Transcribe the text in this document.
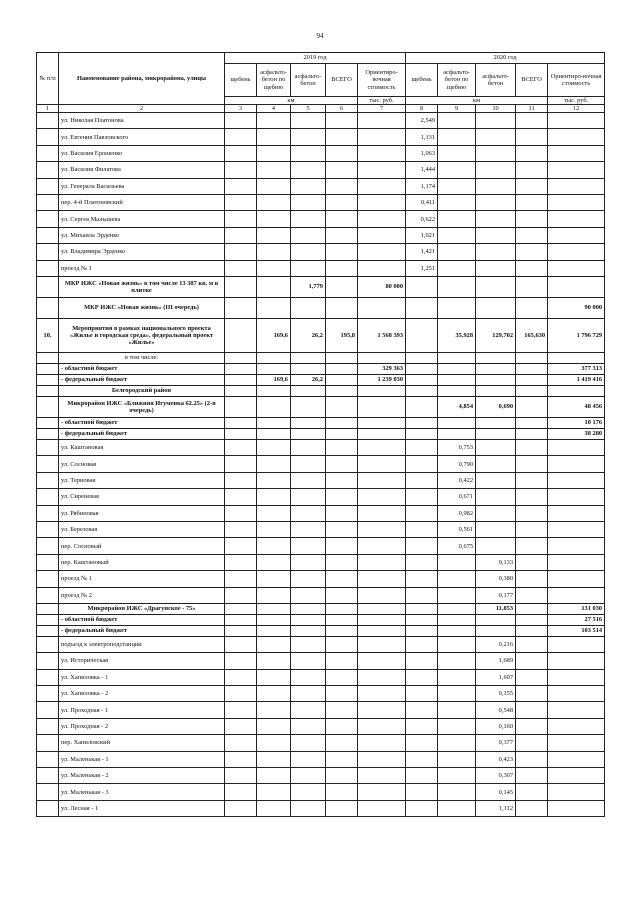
94
№ п/п	Наименование района, микрорайона, улицы	2019 год					2020 год				
		щебень	асфальто-бетон по щебню	асфальто-бетон	ВСЕГО	Ориентиро-вочная стоимость	щебень	асфальто-бетон по щебню	асфальто-бетон	ВСЕГО	Ориентиро-вочная стоимость
		км				тыс. руб.	км				тыс. руб.
1	2	3	4	5	6	7	8	9	10	11	12
	ул. Николая Платонова						2,549				
	ул. Евгения Павловского						1,131				
	ул. Василия Ерошенко						1,063				
	ул. Василия Филатова						1,444				
	ул. Генерала Васильева						1,174				
	пер. 4-й Платоновский						0,411				
	ул. Сергея Малышева						0,622				
	ул. Михаила Эрденко						1,021				
	ул. Владимира Эрденко						1,421				
	проезд № 1						1,251				
	МКР ИЖС «Новая жизнь» в том числе 13 387 кв. м в плитке			1,779		80 000					
	МКР ИЖС «Новая жизнь» (III очередь)										90 000
10.	Мероприятия в рамках национального проекта «Жилье и городская среда», федеральный проект «Жилье»		169,6	26,2	195,8	1 568 393		35,928	129,702	165,630	1 796 729
	в том числе:										
	- областной бюджет					329 363					377 313
	- федеральный бюджет		169,6	26,2		1 239 030					1 419 416
	Белгородский район										
	Микрорайон ИЖС «Ближняя Игуменка 62.25» (2-я очередь)							4,854	0,690		48 456
	- областной бюджет										10 176
	- федеральный бюджет										38 280
	ул. Каштановая							0,753			
	ул. Сосновая							0,790			
	ул. Терновая							0,422			
	ул. Сиреневая							0,671			
	ул. Рябиновая							0,982			
	ул. Березовая							0,561			
	пер. Сосновый							0,675			
	пер. Каштановый								0,133		
	проезд № 1								0,380		
	проезд № 2								0,177		
	Микрорайон ИЖС «Драгунское - 75»								11,853		131 030
	- областной бюджет										27 516
	- федеральный бюджет										103 514
	подъезд к электроподстанции								0,216		
	ул. Историческая								1,689		
	ул. Хапиловка - 1								1,607		
	ул. Хапиловка - 2								0,155		
	ул. Проходная - 1								0,548		
	ул. Проходная - 2								0,160		
	пер. Хапиловский								0,377		
	ул. Маленькая - 1								0,423		
	ул. Маленькая - 2								0,307		
	ул. Маленькая - 3								0,145		
	ул. Лесная - 1								1,112		
